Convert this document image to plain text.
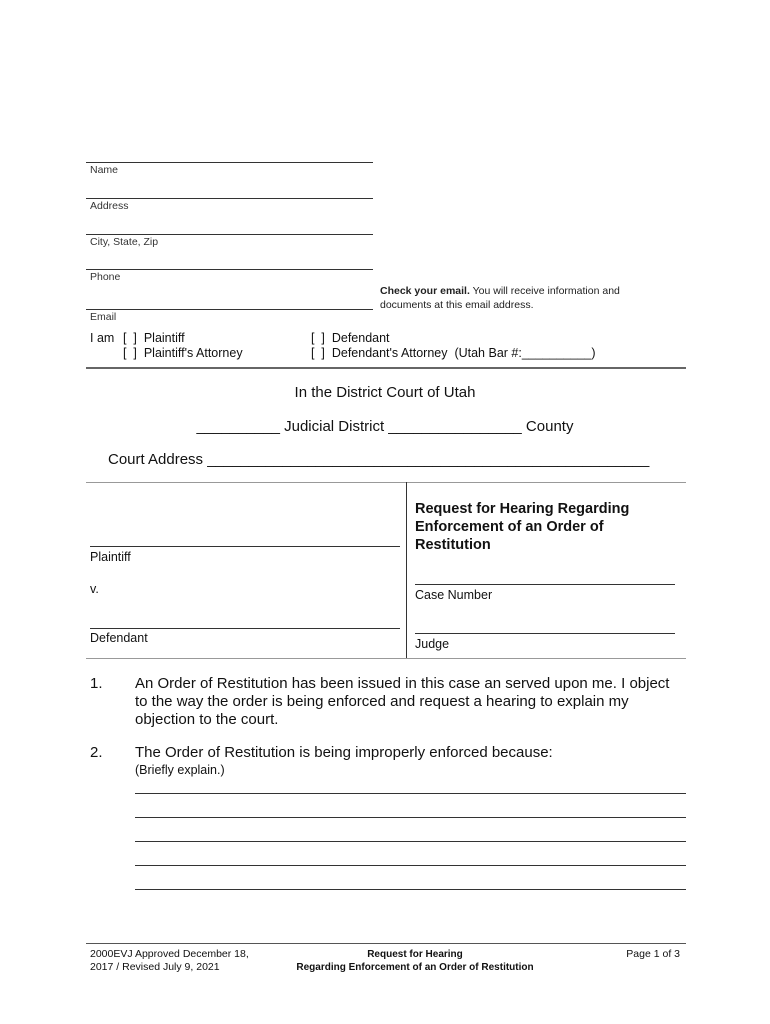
Name
Address
City, State, Zip
Phone
Check your email. You will receive information and
documents at this email address.
Email
I am [  ]  Plaintiff
[  ]  Plaintiff's Attorney
[  ]  Defendant
[  ]  Defendant's Attorney  (Utah Bar #:__________)
In the District Court of Utah
__________ Judicial District ________________ County
Court Address _____________________________________________________
Request for Hearing Regarding
Enforcement of an Order of
Restitution
Plaintiff
v.
Defendant
Case Number
Judge
1. An Order of Restitution has been issued in this case an served upon me. I object
to the way the order is being enforced and request a hearing to explain my
objection to the court.
2. The Order of Restitution is being improperly enforced because:
(Briefly explain.)
2000EVJ Approved December 18,
2017 / Revised July 9, 2021
Request for Hearing
Regarding Enforcement of an Order of Restitution
Page 1 of 3
